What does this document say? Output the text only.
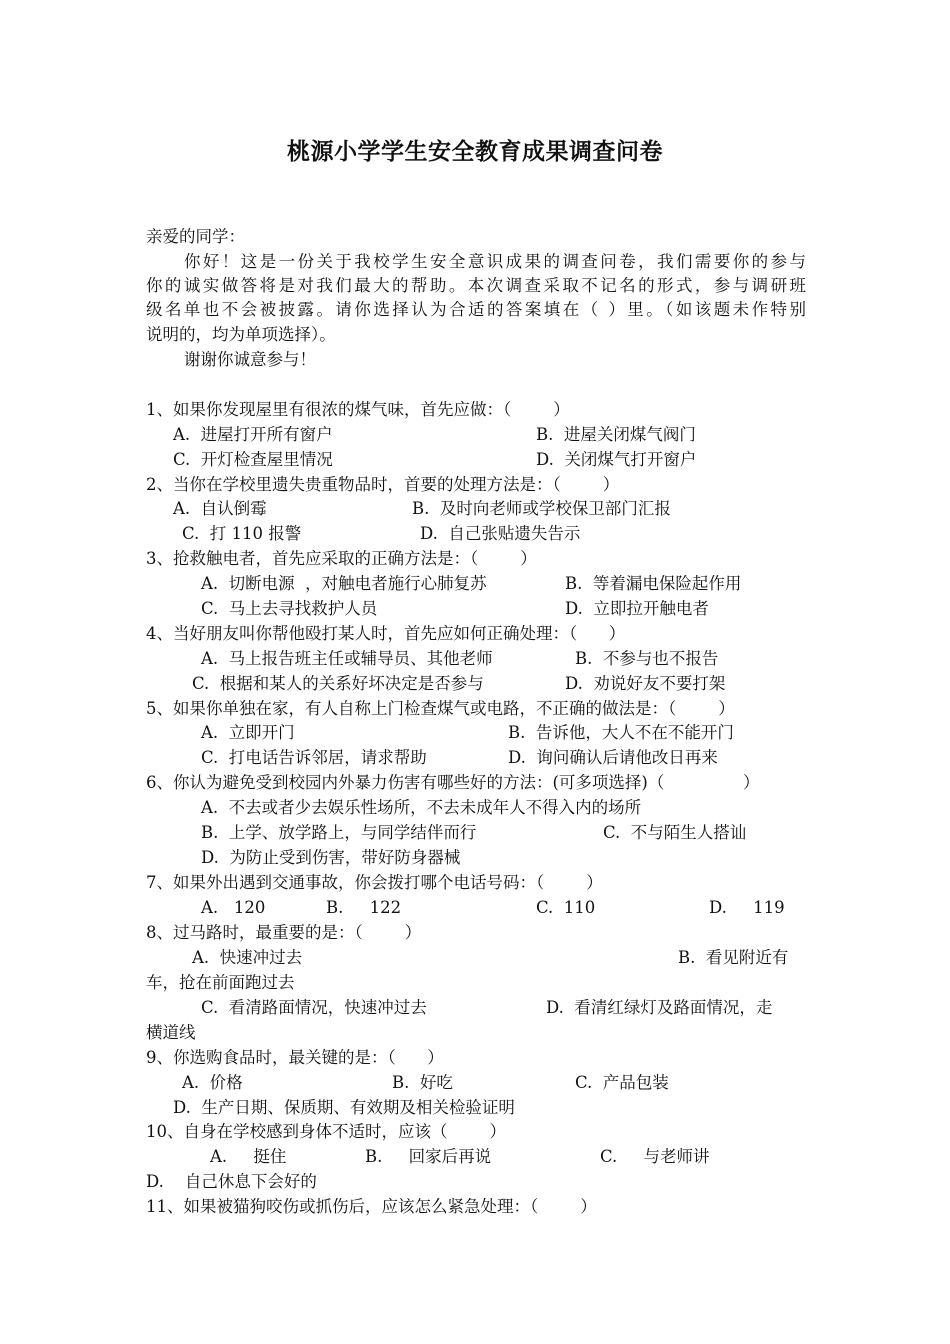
桃源小学学生安全教育成果调查问卷
亲爱的同学：
你好！这是一份关于我校学生安全意识成果的调查问卷，我们需要你的参与
你的诚实做答将是对我们最大的帮助。本次调查采取不记名的形式，参与调研班
级名单也不会被披露。请你选择认为合适的答案填在（ ）里。（如该题未作特别
说明的，均为单项选择）。
谢谢你诚意参与！
1、如果你发现屋里有很浓的煤气味，首先应做：（        ）
A.  进屋打开所有窗户	B.  进屋关闭煤气阀门
C.  开灯检查屋里情况	D.  关闭煤气打开窗户
2、当你在学校里遗失贵重物品时，首要的处理方法是：（        ）
A.  自认倒霉	B.  及时向老师或学校保卫部门汇报
C.  打 110 报警	D.  自己张贴遗失告示
3、抢救触电者，首先应采取的正确方法是：（        ）
A.  切断电源  ，对触电者施行心肺复苏	B.  等着漏电保险起作用
C.  马上去寻找救护人员	D.  立即拉开触电者
4、当好朋友叫你帮他殴打某人时，首先应如何正确处理：（      ）
A.  马上报告班主任或辅导员、其他老师	B.  不参与也不报告
C.  根据和某人的关系好坏决定是否参与	D.  劝说好友不要打架
5、如果你单独在家，有人自称上门检查煤气或电路，不正确的做法是：（        ）
A.  立即开门	B.  告诉他，大人不在不能开门
C.  打电话告诉邻居，请求帮助	D.  询问确认后请他改日再来
6、你认为避免受到校园内外暴力伤害有哪些好的方法：(可多项选择)（               ）
A.  不去或者少去娱乐性场所，不去未成年人不得入内的场所
B.  上学、放学路上，与同学结伴而行	C.  不与陌生人搭讪
D.  为防止受到伤害，带好防身器械
7、如果外出遇到交通事故，你会拨打哪个电话号码：（        ）
A.   120	B.     122	C.  110	D.     119
8、过马路时，最重要的是：（        ）
A.  快速冲过去	B.  看见附近有
车，抢在前面跑过去
C.  看清路面情况，快速冲过去	D.  看清红绿灯及路面情况，走
横道线
9、你选购食品时，最关键的是：（      ）
A.  价格	B.  好吃	C.  产品包装
D.  生产日期、保质期、有效期及相关检验证明
10、自身在学校感到身体不适时，应该（        ）
A.     挺住	B.     回家后再说	C.     与老师讲
D.    自己休息下会好的
11、如果被猫狗咬伤或抓伤后，应该怎么紧急处理：（        ）
